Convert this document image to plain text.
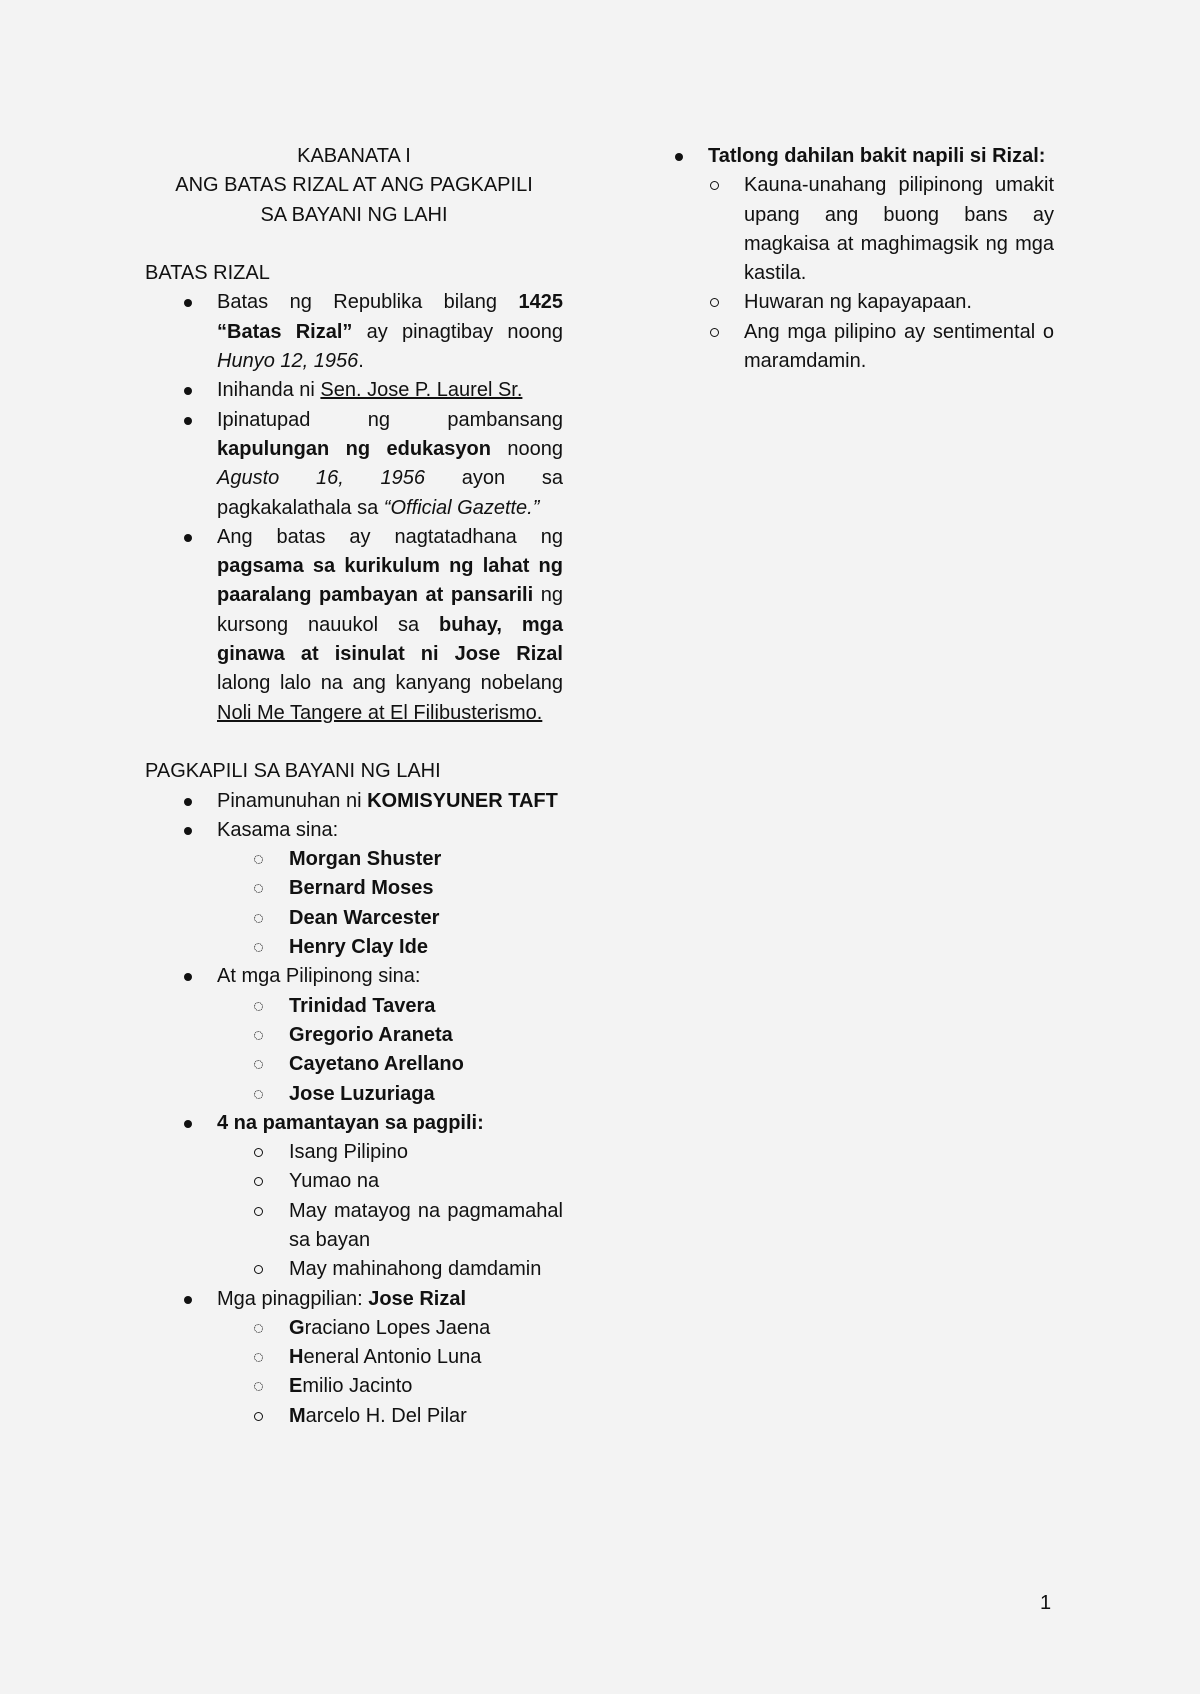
KABANATA I
ANG BATAS RIZAL AT ANG PAGKAPILI
SA BAYANI NG LAHI
BATAS RIZAL
Batas ng Republika bilang 1425 “Batas Rizal” ay pinagtibay noong Hunyo 12, 1956.
Inihanda ni Sen. Jose P. Laurel Sr.
Ipinatupad ng pambansang kapulungan ng edukasyon noong Agusto 16, 1956 ayon sa pagkakalathala sa “Official Gazette.”
Ang batas ay nagtatadhana ng pagsama sa kurikulum ng lahat ng paaralang pambayan at pansarili ng kursong nauukol sa buhay, mga ginawa at isinulat ni Jose Rizal lalong lalo na ang kanyang nobelang Noli Me Tangere at El Filibusterismo.
PAGKAPILI SA BAYANI NG LAHI
Pinamunuhan ni KOMISYUNER TAFT
Kasama sina:
Morgan Shuster
Bernard Moses
Dean Warcester
Henry Clay Ide
At mga Pilipinong sina:
Trinidad Tavera
Gregorio Araneta
Cayetano Arellano
Jose Luzuriaga
4 na pamantayan sa pagpili:
Isang Pilipino
Yumao na
May matayog na pagmamahal sa bayan
May mahinahong damdamin
Mga pinagpilian: Jose Rizal
Graciano Lopes Jaena
Heneral Antonio Luna
Emilio Jacinto
Marcelo H. Del Pilar
Tatlong dahilan bakit napili si Rizal:
Kauna-unahang pilipinong umakit upang ang buong bans ay magkaisa at maghimagsik ng mga kastila.
Huwaran ng kapayapaan.
Ang mga pilipino ay sentimental o maramdamin.
1
